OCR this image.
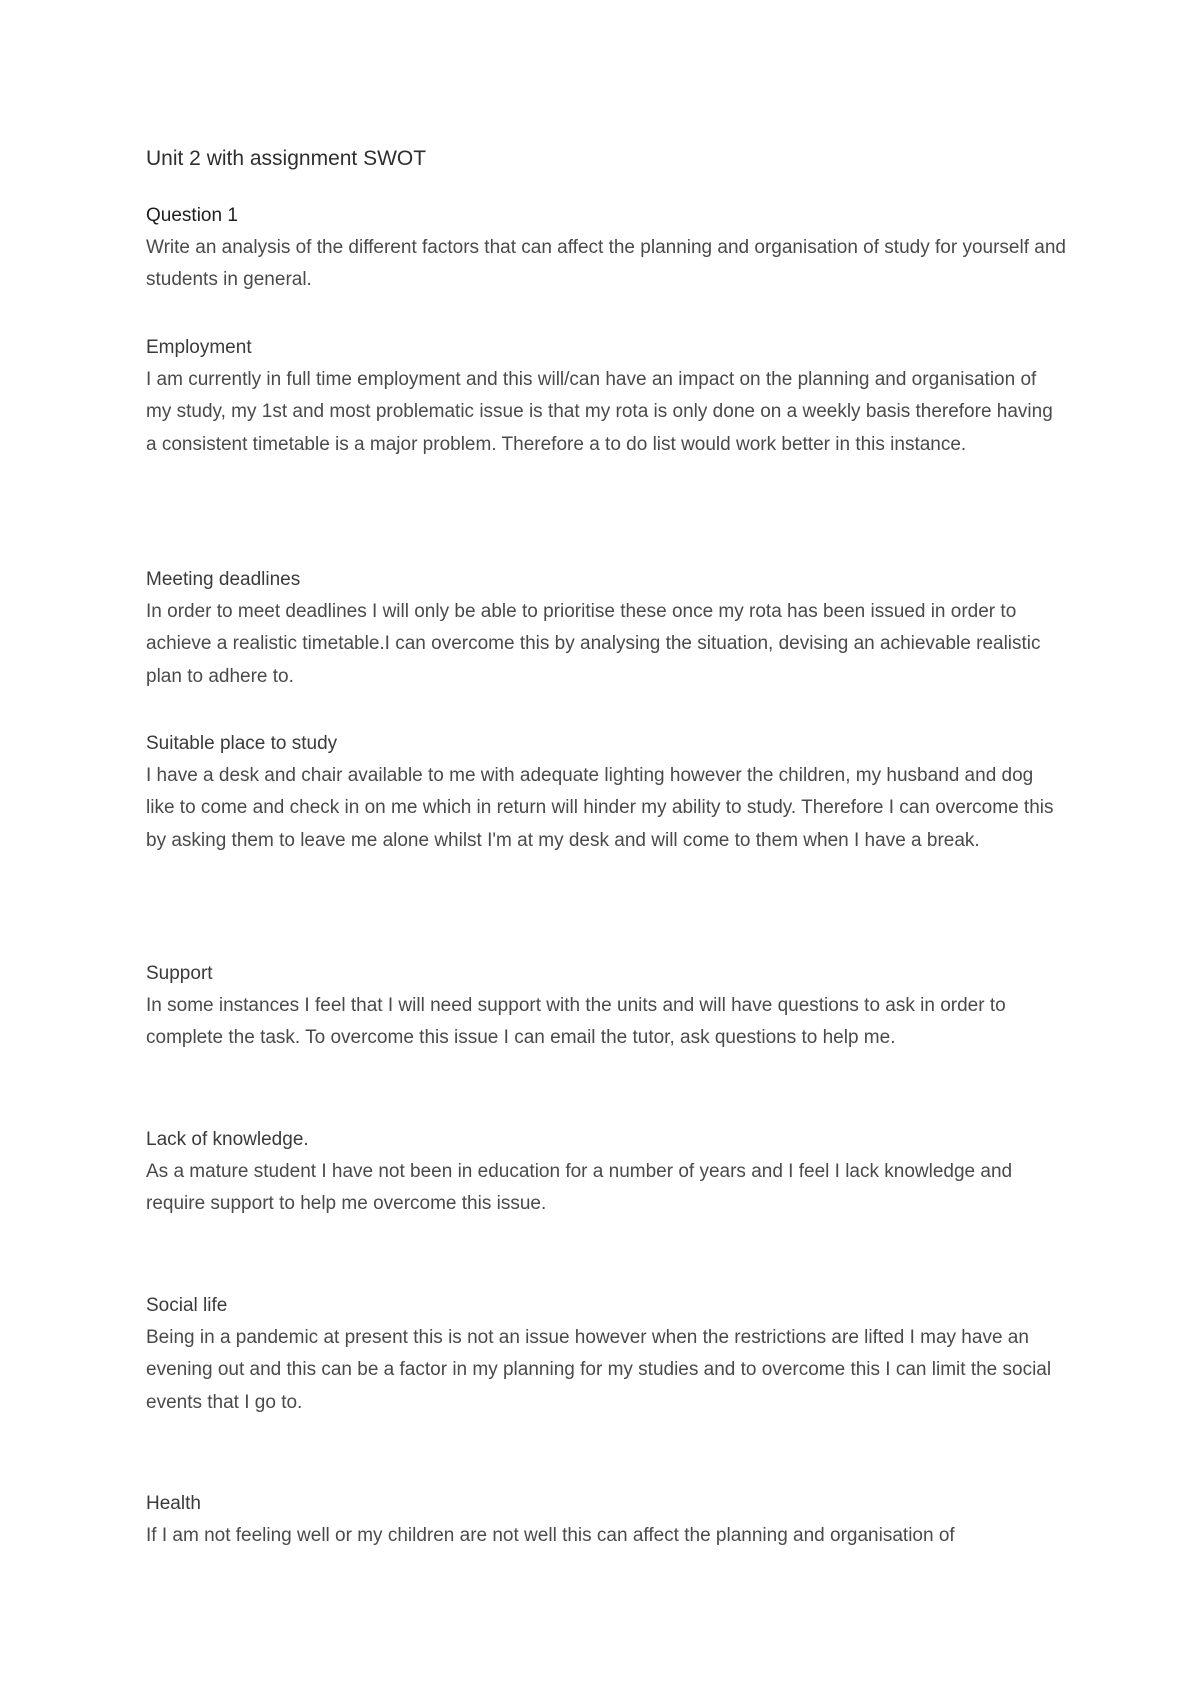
Unit 2 with assignment SWOT

Question 1

Write an analysis of the different factors that can affect the planning and organisation of study for yourself and students in general.

Employment

I am currently in full time employment and this will/can have an impact on the planning and organisation of my study, my 1st and most problematic issue is that my rota is only done on a weekly basis therefore having a consistent timetable is a major problem. Therefore a to do list would work better in this instance.

Meeting deadlines

In order to meet deadlines I will only be able to prioritise these once my rota has been issued in order to achieve a realistic timetable.I can overcome this by analysing the situation, devising an achievable realistic plan to adhere to.

Suitable place to study

I have a desk and chair available to me with adequate lighting however the children, my husband and dog like to come and check in on me which in return will hinder my ability to study. Therefore I can overcome this by asking them to leave me alone whilst I'm at my desk and will come to them when I have a break.

Support

In some instances I feel that I will need support with the units and will have questions to ask in order to complete the task. To overcome this issue I can email the tutor, ask questions to help me.

Lack of knowledge.

As a mature student I have not been in education for a number of years and I feel I lack knowledge and require support to help me overcome this issue.

Social life

Being in a pandemic at present this is not an issue however when the restrictions are lifted I may have an evening out and this can be a factor in my planning for my studies and to overcome this I can limit the social events that I go to.

Health

If I am not feeling well or my children are not well this can affect the planning and organisation of
